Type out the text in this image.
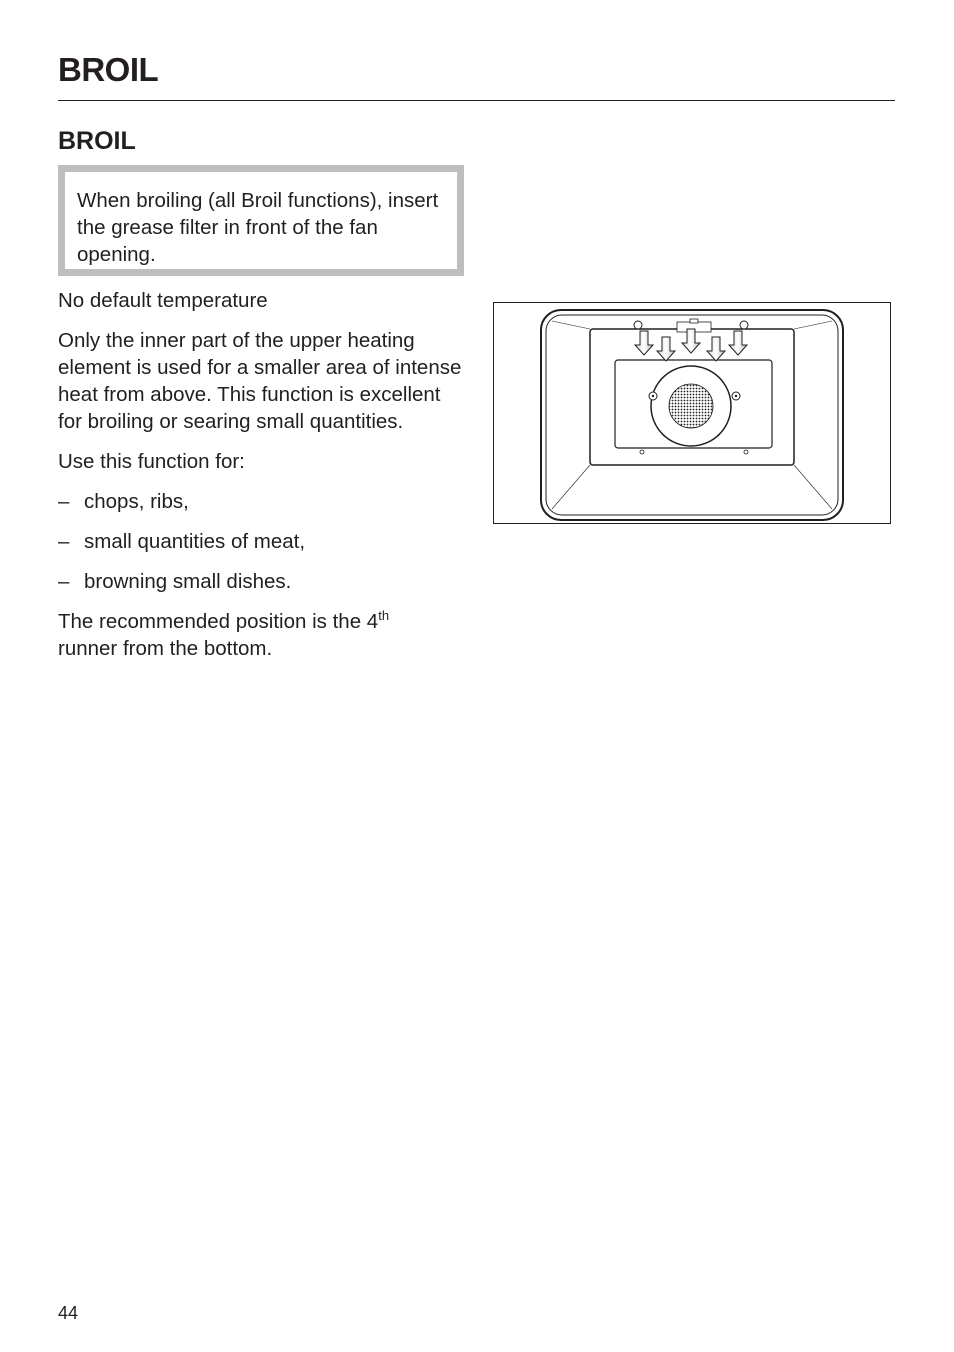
BROIL
BROIL

When broiling (all Broil functions), insert the grease filter in front of the fan opening.

No default temperature

Only the inner part of the upper heating element is used for a smaller area of intense heat from above. This function is excellent for broiling or searing small quantities.

Use this function for:

– chops, ribs,
– small quantities of meat,
– browning small dishes.

The recommended position is the 4th
runner from the bottom.

44
